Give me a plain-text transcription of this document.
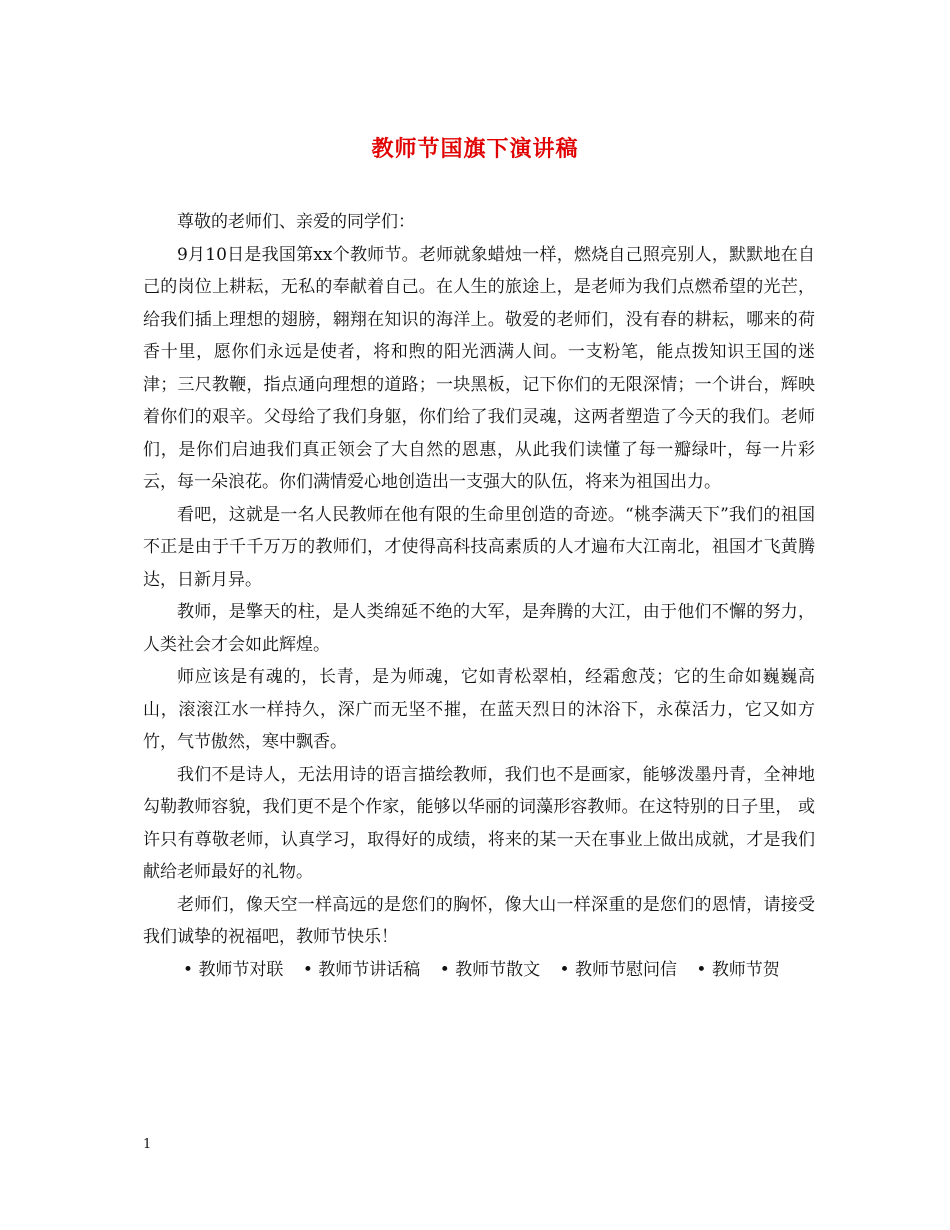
教师节国旗下演讲稿

尊敬的老师们、亲爱的同学们：

9月10日是我国第xx个教师节。老师就象蜡烛一样，燃烧自己照亮别人，默默地在自己的岗位上耕耘，无私的奉献着自己。在人生的旅途上，是老师为我们点燃希望的光芒，给我们插上理想的翅膀，翱翔在知识的海洋上。敬爱的老师们，没有春的耕耘，哪来的荷香十里，愿你们永远是使者，将和煦的阳光洒满人间。一支粉笔，能点拨知识王国的迷津；三尺教鞭，指点通向理想的道路；一块黑板，记下你们的无限深情；一个讲台，辉映着你们的艰辛。父母给了我们身躯，你们给了我们灵魂，这两者塑造了今天的我们。老师们，是你们启迪我们真正领会了大自然的恩惠，从此我们读懂了每一瓣绿叶，每一片彩云，每一朵浪花。你们满情爱心地创造出一支强大的队伍，将来为祖国出力。

看吧，这就是一名人民教师在他有限的生命里创造的奇迹。“桃李满天下”我们的祖国不正是由于千千万万的教师们，才使得高科技高素质的人才遍布大江南北，祖国才飞黄腾达，日新月异。

教师，是擎天的柱，是人类绵延不绝的大军，是奔腾的大江，由于他们不懈的努力，人类社会才会如此辉煌。

师应该是有魂的，长青，是为师魂，它如青松翠柏，经霜愈茂；它的生命如巍巍高山，滚滚江水一样持久，深广而无坚不摧，在蓝天烈日的沐浴下，永葆活力，它又如方竹，气节傲然，寒中飘香。

我们不是诗人，无法用诗的语言描绘教师，我们也不是画家，能够泼墨丹青，全神地勾勒教师容貌，我们更不是个作家，能够以华丽的词藻形容教师。在这特别的日子里， 或许只有尊敬老师，认真学习，取得好的成绩，将来的某一天在事业上做出成就，才是我们献给老师最好的礼物。

老师们，像天空一样高远的是您们的胸怀，像大山一样深重的是您们的恩情，请接受我们诚挚的祝福吧，教师节快乐！

• 教师节对联 • 教师节讲话稿 • 教师节散文 • 教师节慰问信 • 教师节贺

1
